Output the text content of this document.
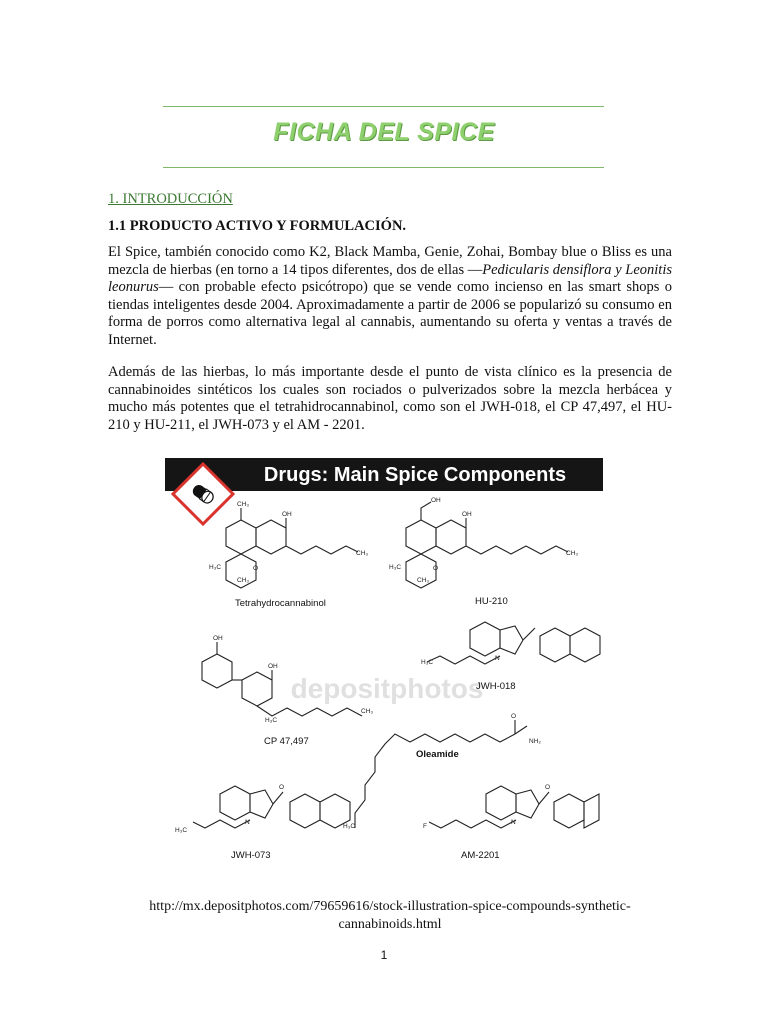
FICHA DEL SPICE
1. INTRODUCCIÓN
1.1 PRODUCTO ACTIVO Y FORMULACIÓN.
El Spice, también conocido como K2, Black Mamba, Genie, Zohai, Bombay blue o Bliss es una mezcla de hierbas (en torno a 14 tipos diferentes, dos de ellas —Pedicularis densiflora y Leonitis leonurus— con probable efecto psicótropo) que se vende como incienso en las smart shops o tiendas inteligentes desde 2004. Aproximadamente a partir de 2006 se popularizó su consumo en forma de porros como alternativa legal al cannabis, aumentando su oferta y ventas a través de Internet.
Además de las hierbas, lo más importante desde el punto de vista clínico es la presencia de cannabinoides sintéticos los cuales son rociados o pulverizados sobre la mezcla herbácea y mucho más potentes que el tetrahidrocannabinol, como son el JWH-018, el CP 47,497, el HU-210 y HU-211, el JWH-073 y el AM - 2201.
Drugs: Main Spice Components
depositphotos
CH₃
OH
H₃C
CH₃
O
CH₃
OH
OH
H₃C
CH₃
O
CH₃
N
H₃C
OH
OH
H₃C
CH₃
O
NH₂
H₃C
O
N
H₃C
O
N
F
Tetrahydrocannabinol	HU-210
JWH-018
CP 47,497
Oleamide
JWH-073	AM-2201
http://mx.depositphotos.com/79659616/stock-illustration-spice-compounds-synthetic-
cannabinoids.html
1
